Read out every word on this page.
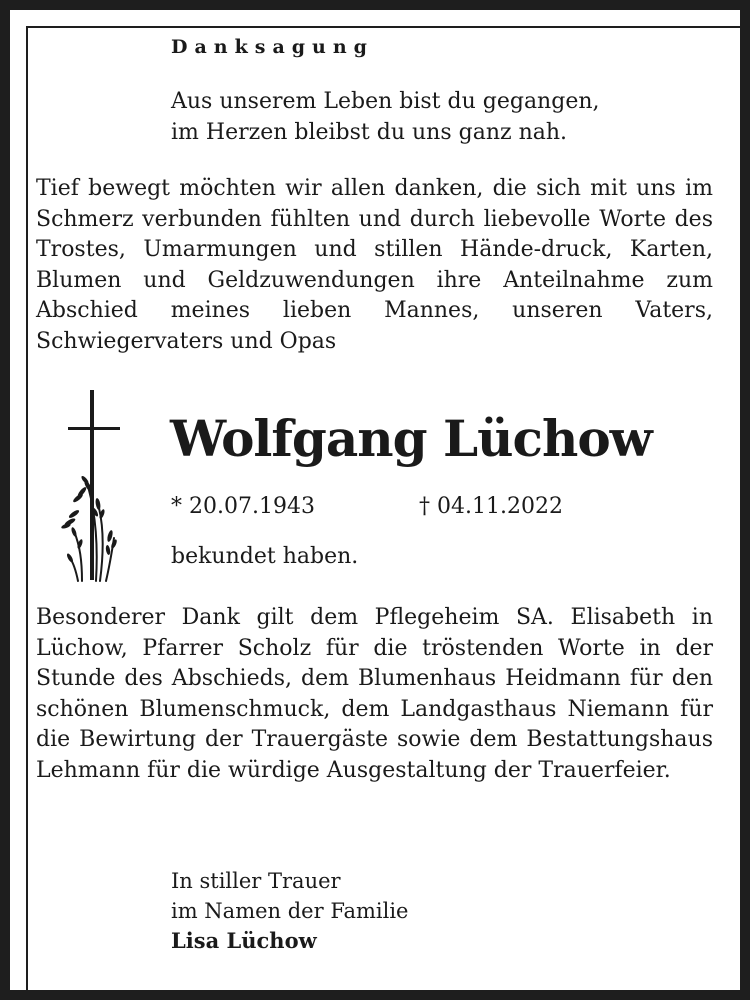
Danksagung

Aus unserem Leben bist du gegangen,
im Herzen bleibst du uns ganz nah.

Tief bewegt möchten wir allen danken, die sich mit uns im Schmerz verbunden fühlten und durch liebevolle Worte des Trostes, Umarmungen und stillen Hände-druck, Karten, Blumen und Geldzuwendungen ihre Anteilnahme zum Abschied meines lieben Mannes, unseren Vaters, Schwiegervaters und Opas

Wolfgang Lüchow

* 20.07.1943	† 04.11.2022

bekundet haben.

Besonderer Dank gilt dem Pflegeheim SA. Elisabeth in Lüchow, Pfarrer Scholz für die tröstenden Worte in der Stunde des Abschieds, dem Blumenhaus Heidmann für den schönen Blumenschmuck, dem Landgasthaus Niemann für die Bewirtung der Trauergäste sowie dem Bestattungshaus Lehmann für die würdige Ausgestaltung der Trauerfeier.

In stiller Trauer
im Namen der Familie
Lisa Lüchow
